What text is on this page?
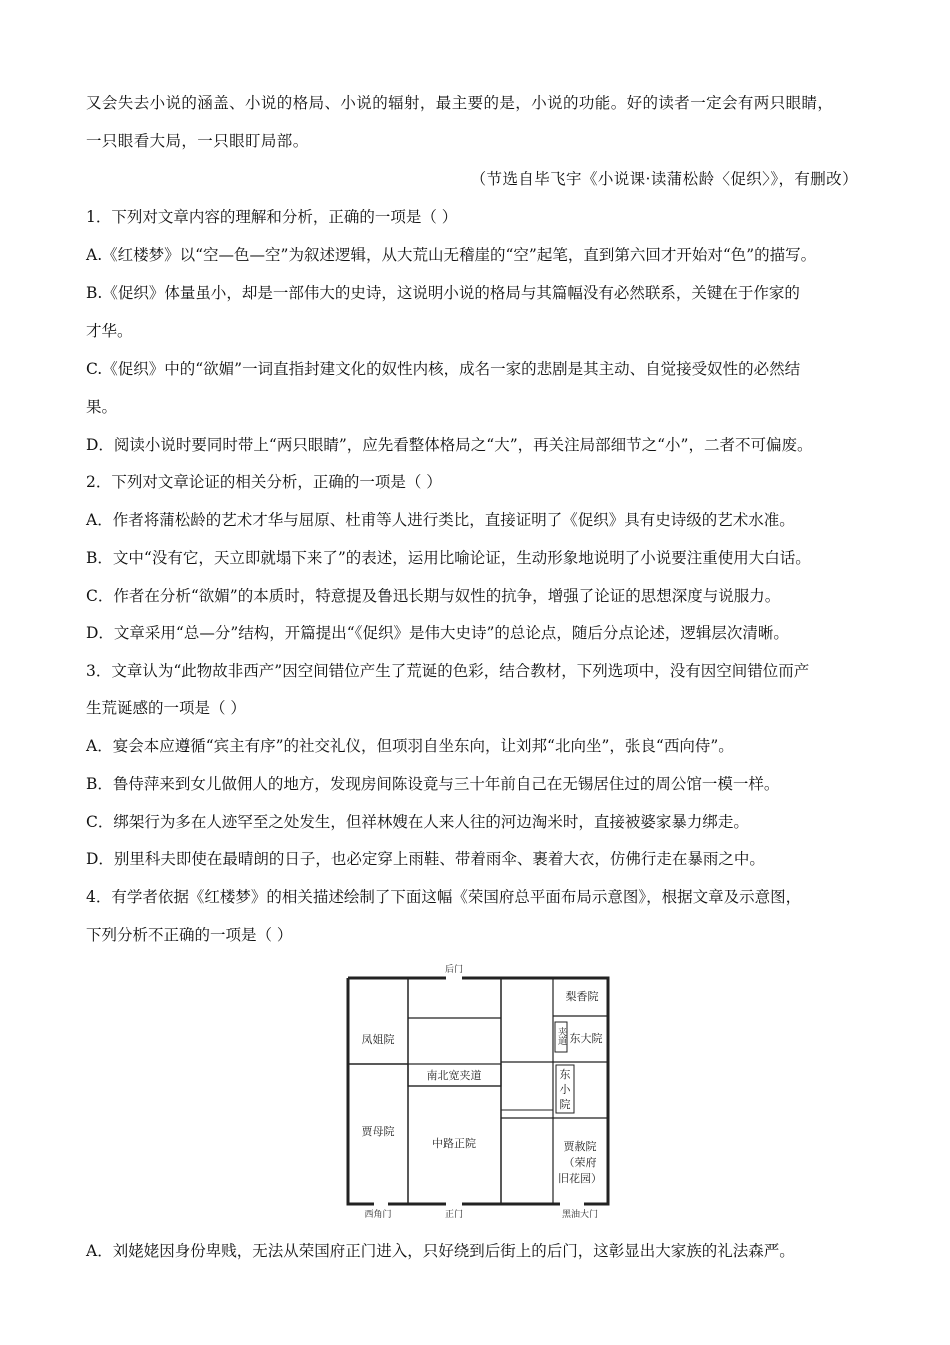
又会失去小说的涵盖、小说的格局、小说的辐射，最主要的是，小说的功能。好的读者一定会有两只眼睛，
一只眼看大局，一只眼盯局部。
（节选自毕飞宇《小说课·读蒲松龄〈促织〉》，有删改）
1．下列对文章内容的理解和分析，正确的一项是（ ）
A.《红楼梦》以“空—色—空”为叙述逻辑，从大荒山无稽崖的“空”起笔，直到第六回才开始对“色”的描写。
B.《促织》体量虽小，却是一部伟大的史诗，这说明小说的格局与其篇幅没有必然联系，关键在于作家的
才华。
C.《促织》中的“欲媚”一词直指封建文化的奴性内核，成名一家的悲剧是其主动、自觉接受奴性的必然结
果。
D．阅读小说时要同时带上“两只眼睛”，应先看整体格局之“大”，再关注局部细节之“小”，二者不可偏废。
2．下列对文章论证的相关分析，正确的一项是（ ）
A．作者将蒲松龄的艺术才华与屈原、杜甫等人进行类比，直接证明了《促织》具有史诗级的艺术水准。
B．文中“没有它，天立即就塌下来了”的表述，运用比喻论证，生动形象地说明了小说要注重使用大白话。
C．作者在分析“欲媚”的本质时，特意提及鲁迅长期与奴性的抗争，增强了论证的思想深度与说服力。
D．文章采用“总—分”结构，开篇提出“《促织》是伟大史诗”的总论点，随后分点论述，逻辑层次清晰。
3．文章认为“此物故非西产”因空间错位产生了荒诞的色彩，结合教材，下列选项中，没有因空间错位而产
生荒诞感的一项是（ ）
A．宴会本应遵循“宾主有序”的社交礼仪，但项羽自坐东向，让刘邦“北向坐”，张良“西向侍”。
B．鲁侍萍来到女儿做佣人的地方，发现房间陈设竟与三十年前自己在无锡居住过的周公馆一模一样。
C．绑架行为多在人迹罕至之处发生，但祥林嫂在人来人往的河边淘米时，直接被婆家暴力绑走。
D．别里科夫即使在最晴朗的日子，也必定穿上雨鞋、带着雨伞、裹着大衣，仿佛行走在暴雨之中。
4．有学者依据《红楼梦》的相关描述绘制了下面这幅《荣国府总平面布局示意图》，根据文章及示意图，
下列分析不正确的一项是（ ）
后门
凤姐院
梨香院
东大院
夹道
南北宽夹道	东
小
院
贾母院
中路正院	贾赦院
（荣府
旧花园）
西角门	正门	黑油大门
A．刘姥姥因身份卑贱，无法从荣国府正门进入，只好绕到后街上的后门，这彰显出大家族的礼法森严。
